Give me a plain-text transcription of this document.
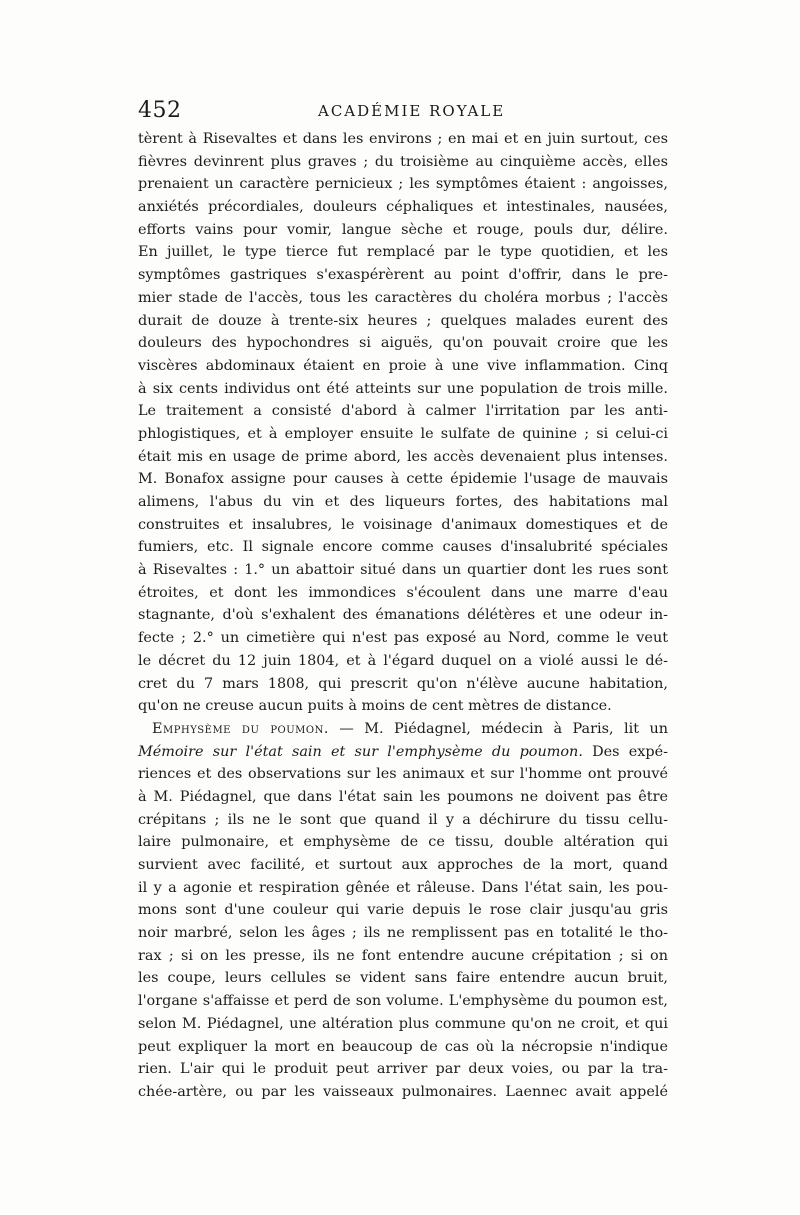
452	ACADÉMIE ROYALE
tèrent à Risevaltes et dans les environs ; en mai et en juin surtout, ces
fièvres devinrent plus graves ; du troisième au cinquième accès, elles
prenaient un caractère pernicieux ; les symptômes étaient : angoisses,
anxiétés précordiales, douleurs céphaliques et intestinales, nausées,
efforts vains pour vomir, langue sèche et rouge, pouls dur, délire.
En juillet, le type tierce fut remplacé par le type quotidien, et les
symptômes gastriques s'exaspérèrent au point d'offrir, dans le pre-
mier stade de l'accès, tous les caractères du choléra morbus ; l'accès
durait de douze à trente-six heures ; quelques malades eurent des
douleurs des hypochondres si aiguës, qu'on pouvait croire que les
viscères abdominaux étaient en proie à une vive inflammation. Cinq
à six cents individus ont été atteints sur une population de trois mille.
Le traitement a consisté d'abord à calmer l'irritation par les anti-
phlogistiques, et à employer ensuite le sulfate de quinine ; si celui-ci
était mis en usage de prime abord, les accès devenaient plus intenses.
M. Bonafox assigne pour causes à cette épidemie l'usage de mauvais
alimens, l'abus du vin et des liqueurs fortes, des habitations mal
construites et insalubres, le voisinage d'animaux domestiques et de
fumiers, etc. Il signale encore comme causes d'insalubrité spéciales
à Risevaltes : 1.° un abattoir situé dans un quartier dont les rues sont
étroites, et dont les immondices s'écoulent dans une marre d'eau
stagnante, d'où s'exhalent des émanations délétères et une odeur in-
fecte ; 2.° un cimetière qui n'est pas exposé au Nord, comme le veut
le décret du 12 juin 1804, et à l'égard duquel on a violé aussi le dé-
cret du 7 mars 1808, qui prescrit qu'on n'élève aucune habitation,
qu'on ne creuse aucun puits à moins de cent mètres de distance.
Emphysème du poumon. — M. Piédagnel, médecin à Paris, lit un
Mémoire sur l'état sain et sur l'emphysème du poumon. Des expé-
riences et des observations sur les animaux et sur l'homme ont prouvé
à M. Piédagnel, que dans l'état sain les poumons ne doivent pas être
crépitans ; ils ne le sont que quand il y a déchirure du tissu cellu-
laire pulmonaire, et emphysème de ce tissu, double altération qui
survient avec facilité, et surtout aux approches de la mort, quand
il y a agonie et respiration gênée et râleuse. Dans l'état sain, les pou-
mons sont d'une couleur qui varie depuis le rose clair jusqu'au gris
noir marbré, selon les âges ; ils ne remplissent pas en totalité le tho-
rax ; si on les presse, ils ne font entendre aucune crépitation ; si on
les coupe, leurs cellules se vident sans faire entendre aucun bruit,
l'organe s'affaisse et perd de son volume. L'emphysème du poumon est,
selon M. Piédagnel, une altération plus commune qu'on ne croit, et qui
peut expliquer la mort en beaucoup de cas où la nécropsie n'indique
rien. L'air qui le produit peut arriver par deux voies, ou par la tra-
chée-artère, ou par les vaisseaux pulmonaires. Laennec avait appelé
